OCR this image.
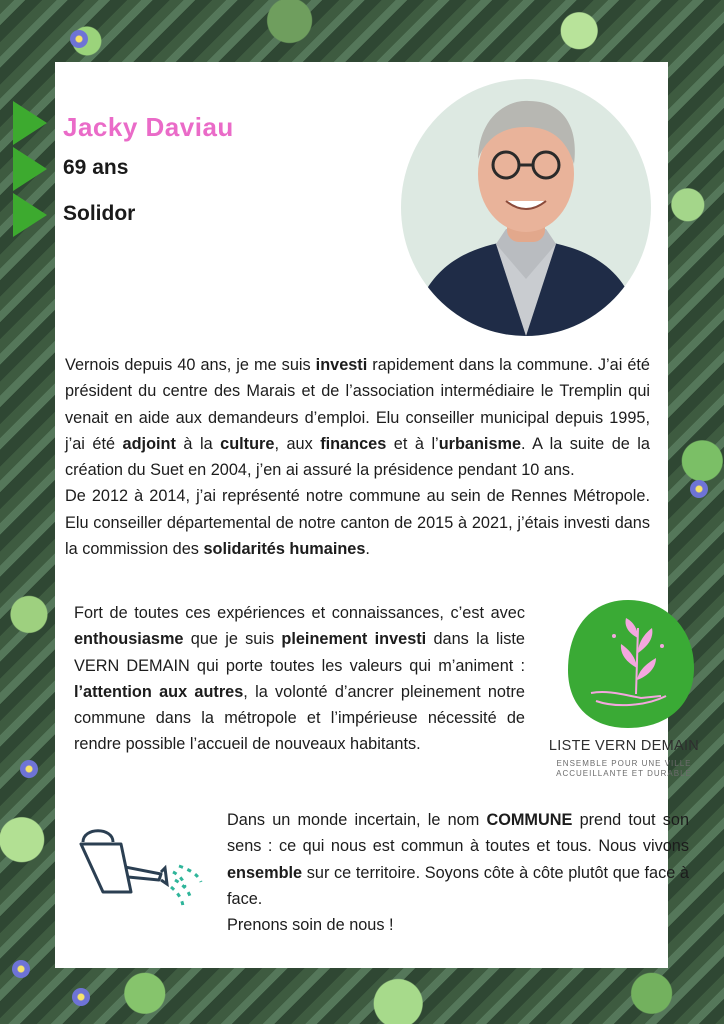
Jacky Daviau
69 ans
Solidor
Vernois depuis 40 ans, je me suis investi rapidement dans la commune. J’ai été président du centre des Marais et de l’association intermédiaire le Tremplin qui venait en aide aux demandeurs d’emploi. Elu conseiller municipal depuis 1995, j’ai été adjoint à la culture, aux finances et à l’urbanisme. A la suite de la création du Suet en 2004, j’en ai assuré la présidence pendant 10 ans.
De 2012 à 2014, j’ai représenté notre commune au sein de Rennes Métropole. Elu conseiller départemental de notre canton de 2015 à 2021, j’étais investi dans la commission des solidarités humaines.
Fort de toutes ces expériences et connaissances, c’est avec enthousiasme que je suis pleinement investi dans la liste VERN DEMAIN qui porte toutes les valeurs qui m’animent : l’attention aux autres, la volonté d’ancrer pleinement notre commune dans la métropole et l’impérieuse nécessité de rendre possible l’accueil de nouveaux habitants.	LISTE VERN DEMAIN
ENSEMBLE POUR UNE VILLE
ACCUEILLANTE ET DURABLE
Dans un monde incertain, le nom COMMUNE prend tout son sens : ce qui nous est commun à toutes et tous. Nous vivons ensemble sur ce territoire. Soyons côte à côte plutôt que face à face.
Prenons soin de nous !
